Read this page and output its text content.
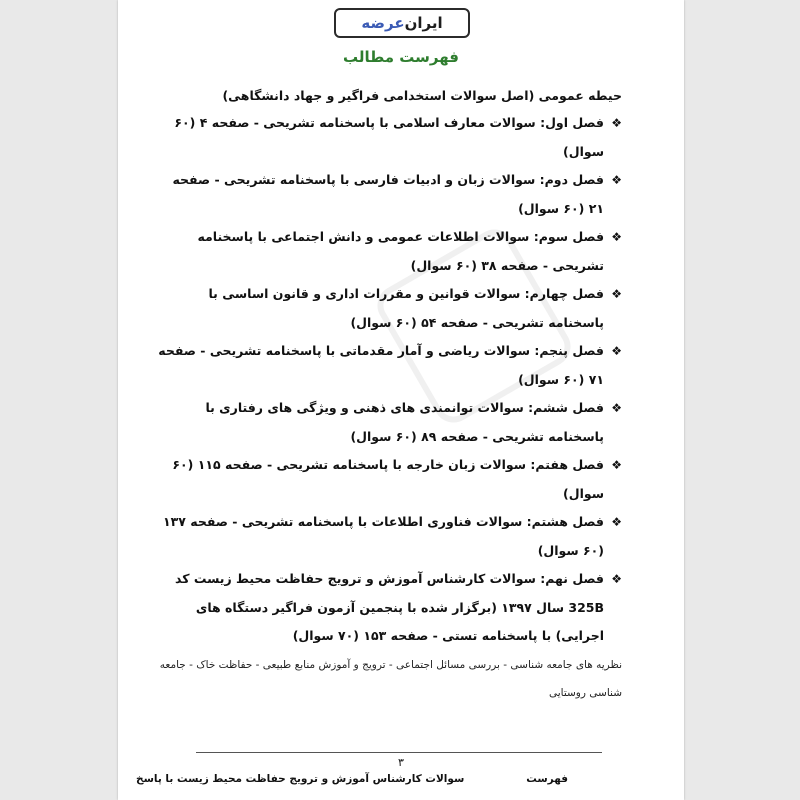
ایران
عرضه
فهرست مطالب

حیطه عمومی (اصل سوالات استخدامی فراگیر و جهاد دانشگاهی)

❖
فصل اول: سوالات معارف اسلامی با پاسخنامه تشریحی - صفحه ۴ (۶۰ سوال)
❖
فصل دوم: سوالات زبان و ادبیات فارسی با پاسخنامه تشریحی - صفحه ۲۱ (۶۰ سوال)
❖
فصل سوم: سوالات اطلاعات عمومی و دانش اجتماعی با پاسخنامه تشریحی - صفحه ۳۸ (۶۰ سوال)
❖
فصل چهارم: سوالات قوانین و مقررات اداری و قانون اساسی با پاسخنامه تشریحی - صفحه ۵۴ (۶۰ سوال)
❖
فصل پنجم: سوالات ریاضی و آمار مقدماتی با پاسخنامه تشریحی - صفحه ۷۱ (۶۰ سوال)
❖
فصل ششم: سوالات توانمندی های ذهنی و ویژگی های رفتاری با پاسخنامه تشریحی - صفحه ۸۹ (۶۰ سوال)
❖
فصل هفتم: سوالات زبان خارجه با پاسخنامه تشریحی - صفحه ۱۱۵ (۶۰ سوال)
❖
فصل هشتم: سوالات فناوری اطلاعات با پاسخنامه تشریحی - صفحه ۱۳۷ (۶۰ سوال)
❖
فصل نهم: سوالات کارشناس آموزش و ترویج حفاظت محیط زیست کد 325B سال ۱۳۹۷ (برگزار شده با پنجمین آزمون فراگیر دستگاه های اجرایی) با پاسخنامه تستی - صفحه ۱۵۳ (۷۰ سوال)

نظریه های جامعه شناسی - بررسی مسائل اجتماعی - ترویج و آموزش منابع طبیعی - حفاظت خاک - جامعه شناسی روستایی

۳
سوالات کارشناس آموزش و ترویج حفاظت محیط زیست با پاسخ	فهرست
